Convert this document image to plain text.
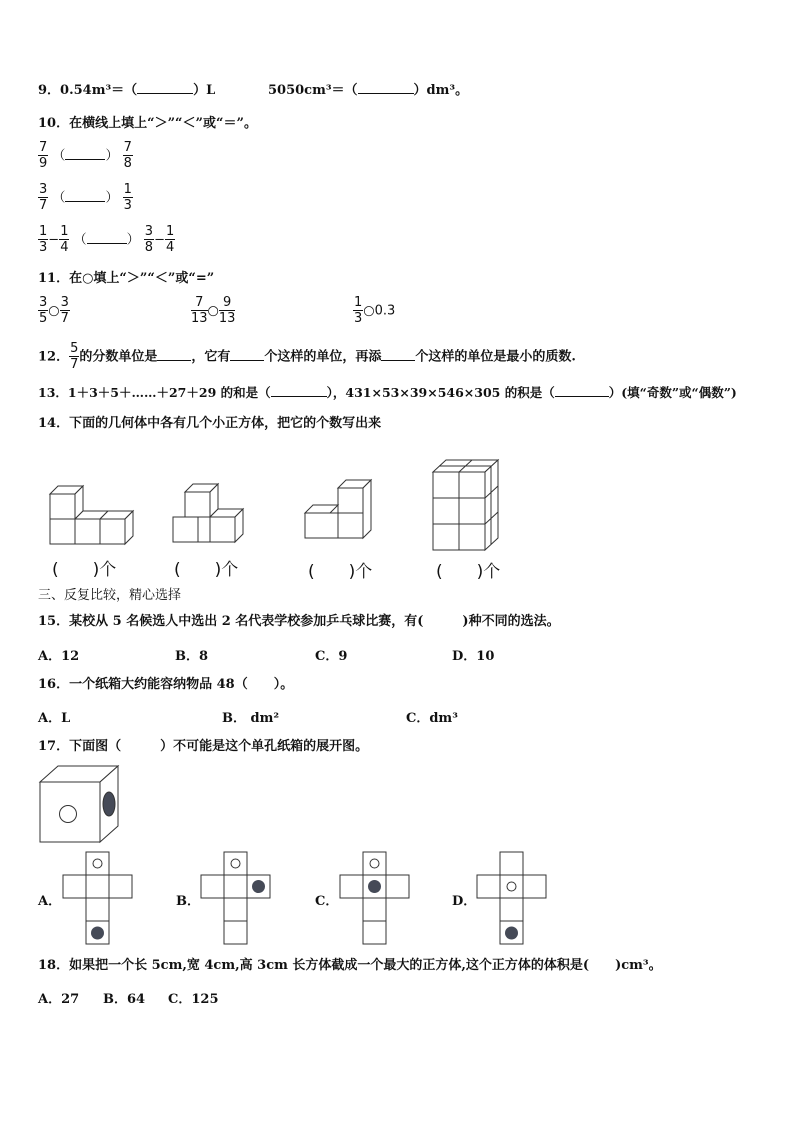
9．0.54m³＝（	）L	5050cm³＝（	）dm³。
10．在横线上填上“＞”“＜”或“＝”。
$\frac{7}{9}$ （	） $\frac{7}{8}$
$\frac{3}{7}$ （	） $\frac{1}{3}$
$\frac{1}{3} - \frac{1}{4}$ （	） $\frac{3}{8} - \frac{1}{4}$
11．在○填上“＞”“＜”或“=”
$\frac{3}{5}$ ○ $\frac{3}{7}$	$\frac{7}{13}$ ○ $\frac{9}{13}$	$\frac{1}{3}$ ○0.3
12． $\frac{5}{7}$ 的分数单位是	，它有	个这样的单位，再添	个这样的单位是最小的质数.
13．1＋3＋5＋……＋27＋29 的和是（	），431×53×39×546×305 的积是（	）(填“奇数”或“偶数”)
14．下面的几何体中各有几个小正方体，把它的个数写出来
(　　)个	(　　)个	(　　)个	(　　)个
三、反复比较，精心选择
15．某校从 5 名候选人中选出 2 名代表学校参加乒乓球比赛，有(　　　)种不同的选法。
A．12	B．8	C．9	D．10
16．一个纸箱大约能容纳物品 48（　　）。
A．L	B． dm²	C．dm³
17．下面图（　　　）不可能是这个单孔纸箱的展开图。
A．	B．	C．	D．
18．如果把一个长 5cm,宽 4cm,高 3cm 长方体截成一个最大的正方体,这个正方体的体积是(　　)cm³。
A．27 B．64 C．125
